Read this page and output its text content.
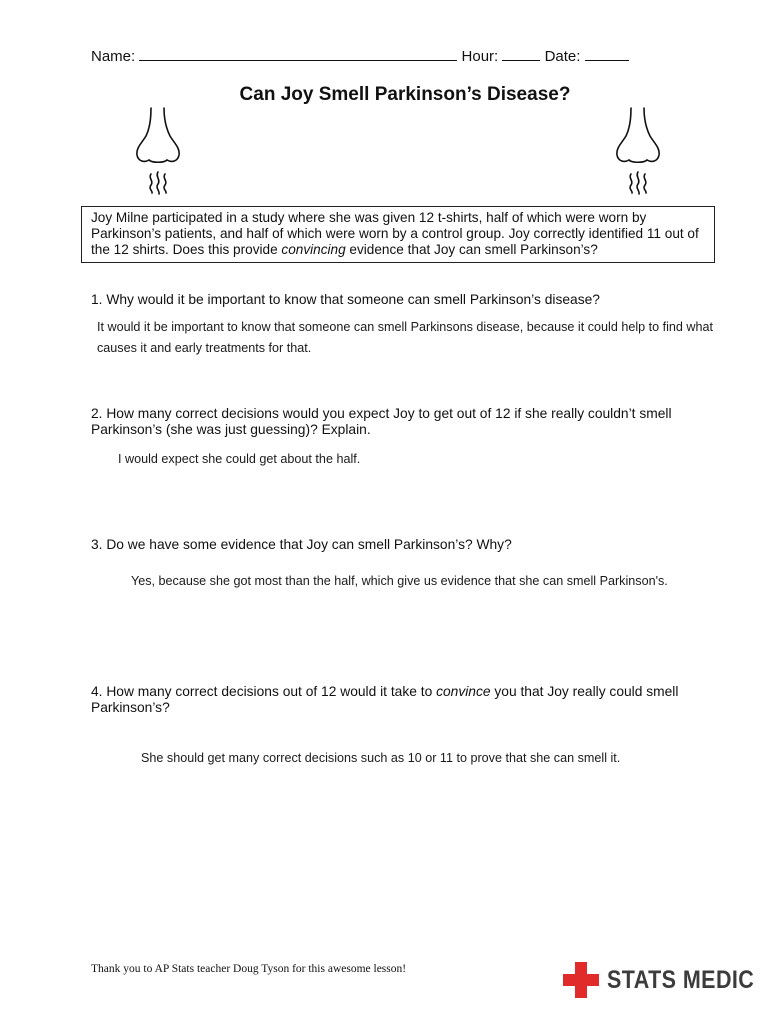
Name:	Hour:	Date:
Can Joy Smell Parkinson’s Disease?
Joy Milne participated in a study where she was given 12 t-shirts, half of which were worn by Parkinson’s patients, and half of which were worn by a control group. Joy correctly identified 11 out of the 12 shirts. Does this provide convincing evidence that Joy can smell Parkinson’s?
1. Why would it be important to know that someone can smell Parkinson’s disease?
It would it be important to know that someone can smell Parkinsons disease, because it could help to find what causes it and early treatments for that.
2. How many correct decisions would you expect Joy to get out of 12 if she really couldn’t smell Parkinson’s (she was just guessing)? Explain.
I would expect she could get about the half.
3. Do we have some evidence that Joy can smell Parkinson’s? Why?
Yes, because she got most than the half, which give us evidence that she can smell Parkinson's.
4. How many correct decisions out of 12 would it take to convince you that Joy really could smell Parkinson’s?
She should get many correct decisions such as 10 or 11 to prove that she can smell it.
Thank you to AP Stats teacher Doug Tyson for this awesome lesson!	STATS MEDIC
